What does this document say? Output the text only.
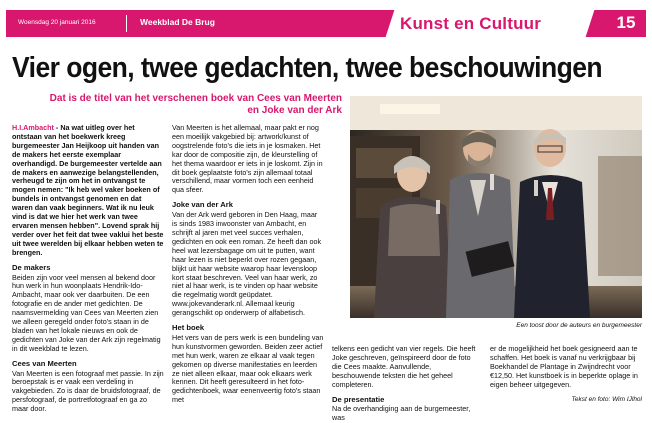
Woensdag 20 januari 2016	Weekblad De Brug	Kunst en Cultuur	15
Vier ogen, twee gedachten, twee beschouwingen
Dat is de titel van het verschenen boek van Cees van Meerten
en Joke van der Ark

H.I.Ambacht - Na wat uitleg over het ontstaan van het boekwerk kreeg burgemeester Jan Heijkoop uit handen van de makers het eerste exemplaar overhandigd. De burgemeester vertelde aan de makers en aanwezige belangstellenden, verheugd te zijn om het in ontvangst te mogen nemen: "Ik heb wel vaker boeken of bundels in ontvangst genomen en dat waren dan vaak beginners. Wat ik nu leuk vind is dat we hier het werk van twee ervaren mensen hebben". Lovend sprak hij verder over het feit dat twee vaklui het beste uit twee werelden bij elkaar hebben weten te brengen.

De makers

Beiden zijn voor veel mensen al bekend door hun werk in hun woonplaats Hendrik-Ido-Ambacht, maar ook ver daarbuiten. De een fotografie en de ander met gedichten. De naamsvermelding van Cees van Meerten zien we alleen geregeld onder foto's staan in de bladen van het lokale nieuws en ook de gedichten van Joke van der Ark zijn regelmatig in dit weekblad te lezen.

Cees van Meerten

Van Meerten is een fotograaf met passie. In zijn beroepstak is er vaak een verdeling in vakgebieden. Zo is daar de bruidsfotograaf, de persfotograaf, de portretfotograaf en ga zo maar door.

Van Meerten is het allemaal, maar pakt er nog een moeilijk vakgebied bij: artwork/kunst of oogstrelende foto's die iets in je losmaken. Het kar door de compositie zijn, de kleurstelling of het thema waardoor er iets in je loskomt. Zijn in dit boek geplaatste foto's zijn allemaal totaal verschillend, maar vormen toch een eenheid qua sfeer.

Joke van der Ark

Van der Ark werd geboren in Den Haag, maar is sinds 1983 inwoonster van Ambacht, en schrijft al jaren met veel succes verhalen, gedichten en ook een roman. Ze heeft dan ook heel wat lezersbagage om uit te putten, want haar lezen is niet beperkt over rozen gegaan, blijkt uit haar website waarop haar levensloop kort staat beschreven. Veel van haar werk, zo niet al haar werk, is te vinden op haar website die regelmatig wordt geüpdatet. www.jokevanderark.nl. Allemaal keurig gerangschikt op onderwerp of alfabetisch.

Het boek

Het vers van de pers werk is een bundeling van hun kunstvormen geworden. Beiden zeer actief met hun werk, waren ze elkaar al vaak tegen gekomen op diverse manifestaties en leerden ze niet alleen elkaar, maar ook elkaars werk kennen. Dit heeft geresulteerd in het foto-gedichtenboek, waar eenenveertig foto's staan met

Een toost door de auteurs en burgemeester

telkens een gedicht van vier regels. Die heeft Joke geschreven, geïnspireerd door de foto die Cees maakte. Aanvullende, beschouwende teksten die het geheel completeren.

De presentatie

Na de overhandiging aan de burgemeester, was

er de mogelijkheid het boek gesigneerd aan te schaffen. Het boek is vanaf nu verkrijgbaar bij Boekhandel de Plantage in Zwijndrecht voor €12,50. Het kunstboek is in beperkte oplage in eigen beheer uitgegeven.

Tekst en foto: Wim IJlhol
